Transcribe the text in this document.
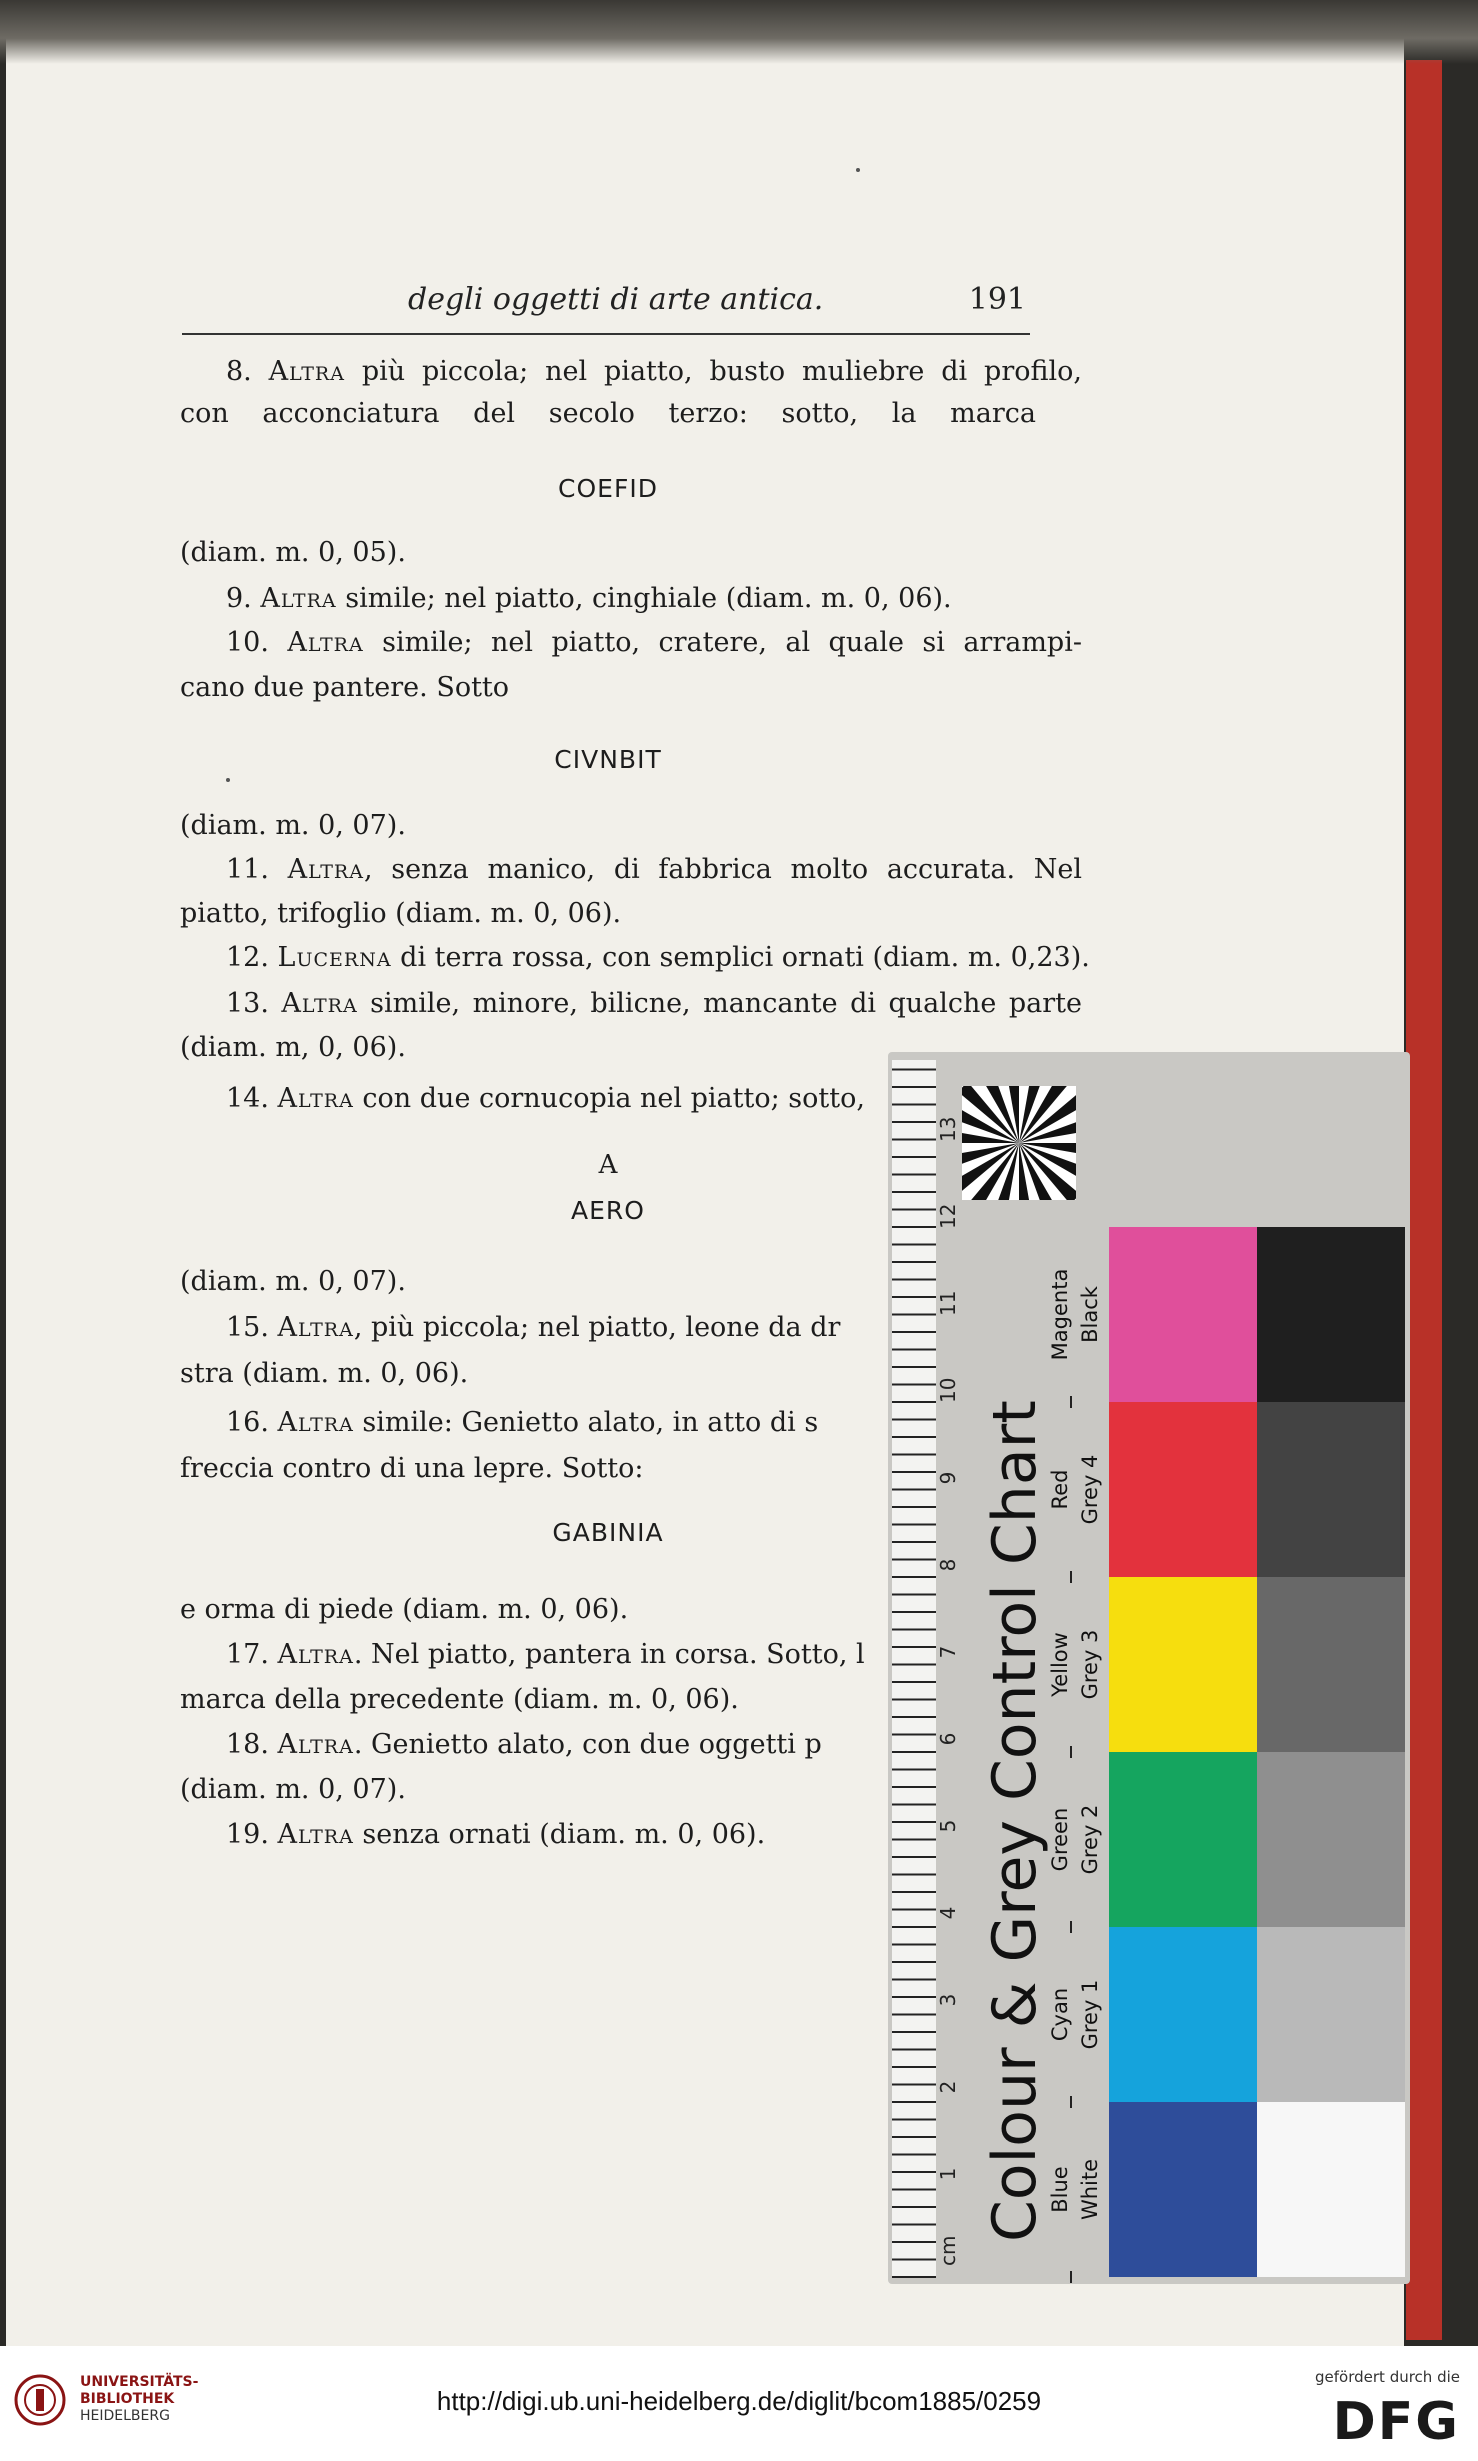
degli oggetti di arte antica.	191
8. Altra più piccola; nel piatto, busto muliebre di profilo,
con acconciatura del secolo terzo: sotto, la marca
COEFID
(diam. m. 0, 05).
9. Altra simile; nel piatto, cinghiale (diam. m. 0, 06).
10. Altra simile; nel piatto, cratere, al quale si arrampi-
cano due pantere. Sotto
CIVNBIT
(diam. m. 0, 07).
11. Altra, senza manico, di fabbrica molto accurata. Nel
piatto, trifoglio (diam. m. 0, 06).
12. Lucerna di terra rossa, con semplici ornati (diam. m. 0,23).
13. Altra simile, minore, bilicne, mancante di qualche parte
(diam. m, 0, 06).
14. Altra con due cornucopia nel piatto; sotto,
A
AERO
(diam. m. 0, 07).
15. Altra, più piccola; nel piatto, leone da dr
stra (diam. m. 0, 06).
16. Altra simile: Genietto alato, in atto di s
freccia contro di una lepre. Sotto:
GABINIA
e orma di piede (diam. m. 0, 06).
17. Altra. Nel piatto, pantera in corsa. Sotto, l
marca della precedente (diam. m. 0, 06).
18. Altra. Genietto alato, con due oggetti p
(diam. m. 0, 07).
19. Altra senza ornati (diam. m. 0, 06).
cm
1
2
3
4
5
6
7
8
9
10
11
12
13
Colour & Grey Control Chart
Blue White
Cyan Grey 1
Green Grey 2
Yellow Grey 3
Red Grey 4
Magenta Black
UNIVERSITÄTS-
BIBLIOTHEK
HEIDELBERG	http://digi.ub.uni-heidelberg.de/diglit/bcom1885/0259
gefördert durch die
DFG
